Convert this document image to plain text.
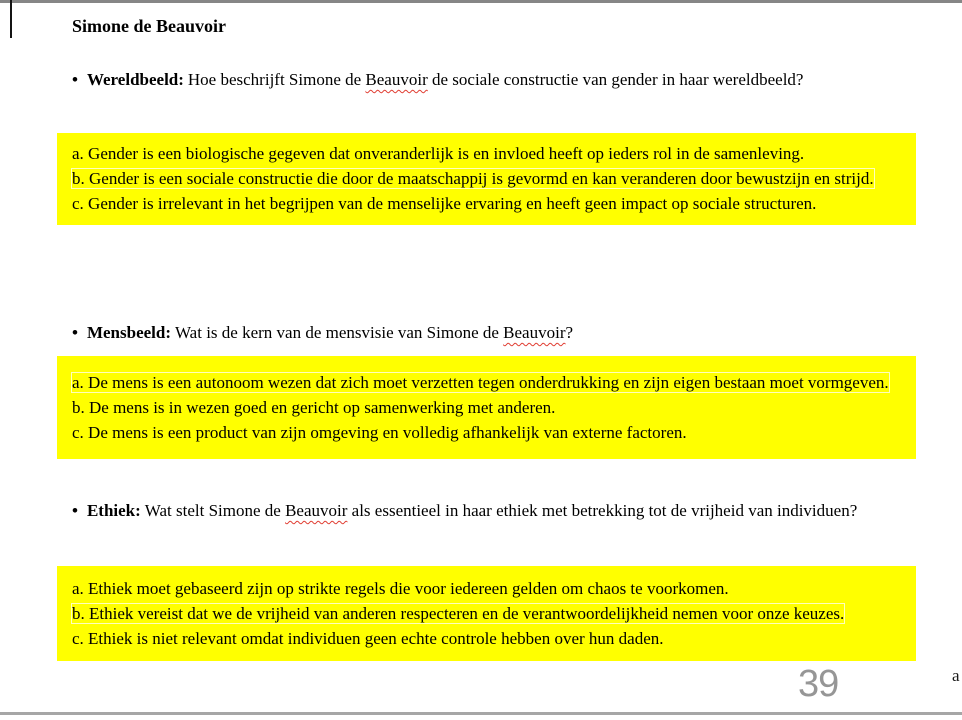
Simone de Beauvoir
• Wereldbeeld: Hoe beschrijft Simone de Beauvoir de sociale constructie van gender in haar wereldbeeld?

a. Gender is een biologische gegeven dat onveranderlijk is en invloed heeft op ieders rol in de samenleving.

b. Gender is een sociale constructie die door de maatschappij is gevormd en kan veranderen door bewustzijn en strijd.

c. Gender is irrelevant in het begrijpen van de menselijke ervaring en heeft geen impact op sociale structuren.

• Mensbeeld: Wat is de kern van de mensvisie van Simone de Beauvoir?

a. De mens is een autonoom wezen dat zich moet verzetten tegen onderdrukking en zijn eigen bestaan moet vormgeven.

b. De mens is in wezen goed en gericht op samenwerking met anderen.

c. De mens is een product van zijn omgeving en volledig afhankelijk van externe factoren.

• Ethiek: Wat stelt Simone de Beauvoir als essentieel in haar ethiek met betrekking tot de vrijheid van individuen?

a. Ethiek moet gebaseerd zijn op strikte regels die voor iedereen gelden om chaos te voorkomen.

b. Ethiek vereist dat we de vrijheid van anderen respecteren en de verantwoordelijkheid nemen voor onze keuzes.

c. Ethiek is niet relevant omdat individuen geen echte controle hebben over hun daden.

39	a
